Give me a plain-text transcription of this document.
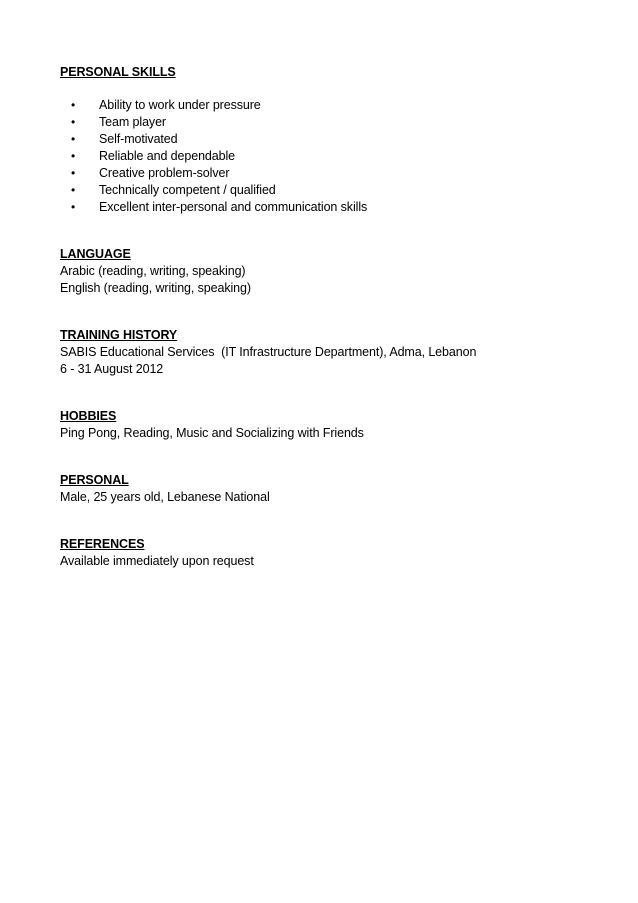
PERSONAL SKILLS

• Ability to work under pressure
• Team player
• Self-motivated
• Reliable and dependable
• Creative problem-solver
• Technically competent / qualified
• Excellent inter-personal and communication skills

LANGUAGE

Arabic (reading, writing, speaking)

English (reading, writing, speaking)

TRAINING HISTORY

SABIS Educational Services  (IT Infrastructure Department), Adma, Lebanon

6 - 31 August 2012

HOBBIES

Ping Pong, Reading, Music and Socializing with Friends

PERSONAL

Male, 25 years old, Lebanese National

REFERENCES

Available immediately upon request
